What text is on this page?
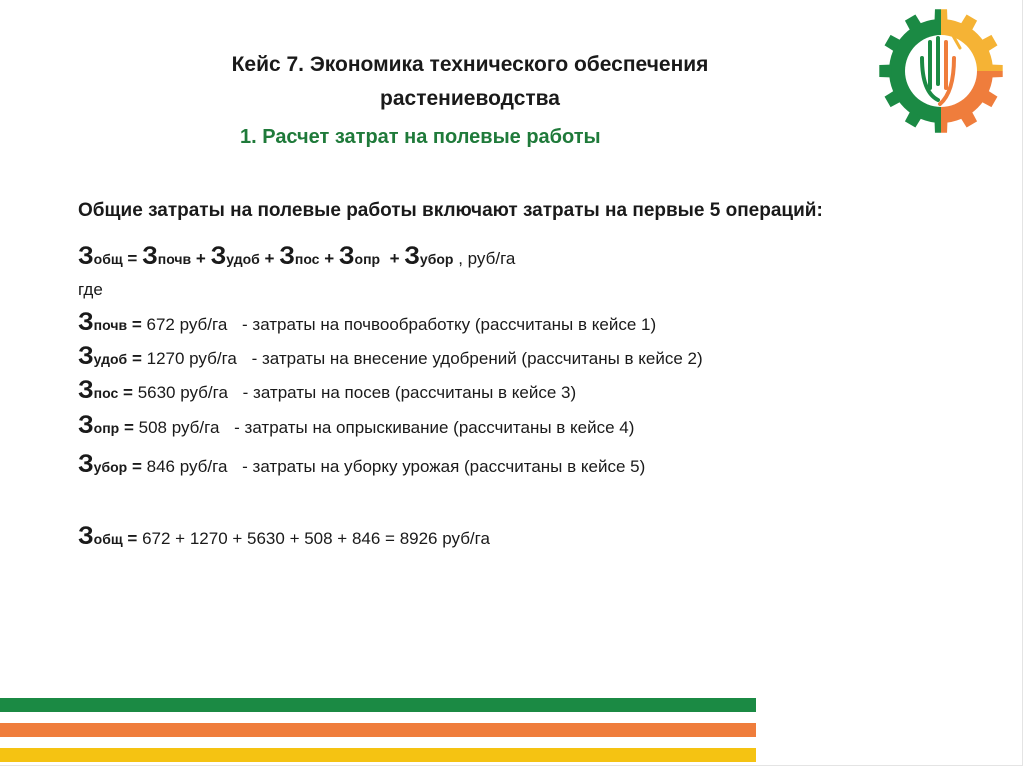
Кейс 7. Экономика технического обеспечения
растениеводства
1. Расчет затрат на полевые работы
Общие затраты на полевые работы включают затраты на первые 5 операций:
Зобщ = Зпочв + Зудоб + Зпос + Зопр + Зубор , руб/га
где
Зпочв = 672 руб/га - затраты на почвообработку (рассчитаны в кейсе 1)
Зудоб = 1270 руб/га - затраты на внесение удобрений (рассчитаны в кейсе 2)
Зпос = 5630 руб/га - затраты на посев (рассчитаны в кейсе 3)
Зопр = 508 руб/га - затраты на опрыскивание (рассчитаны в кейсе 4)
Зубор = 846 руб/га - затраты на уборку урожая (рассчитаны в кейсе 5)
Зобщ = 672 + 1270 + 5630 + 508 + 846 = 8926 руб/га
